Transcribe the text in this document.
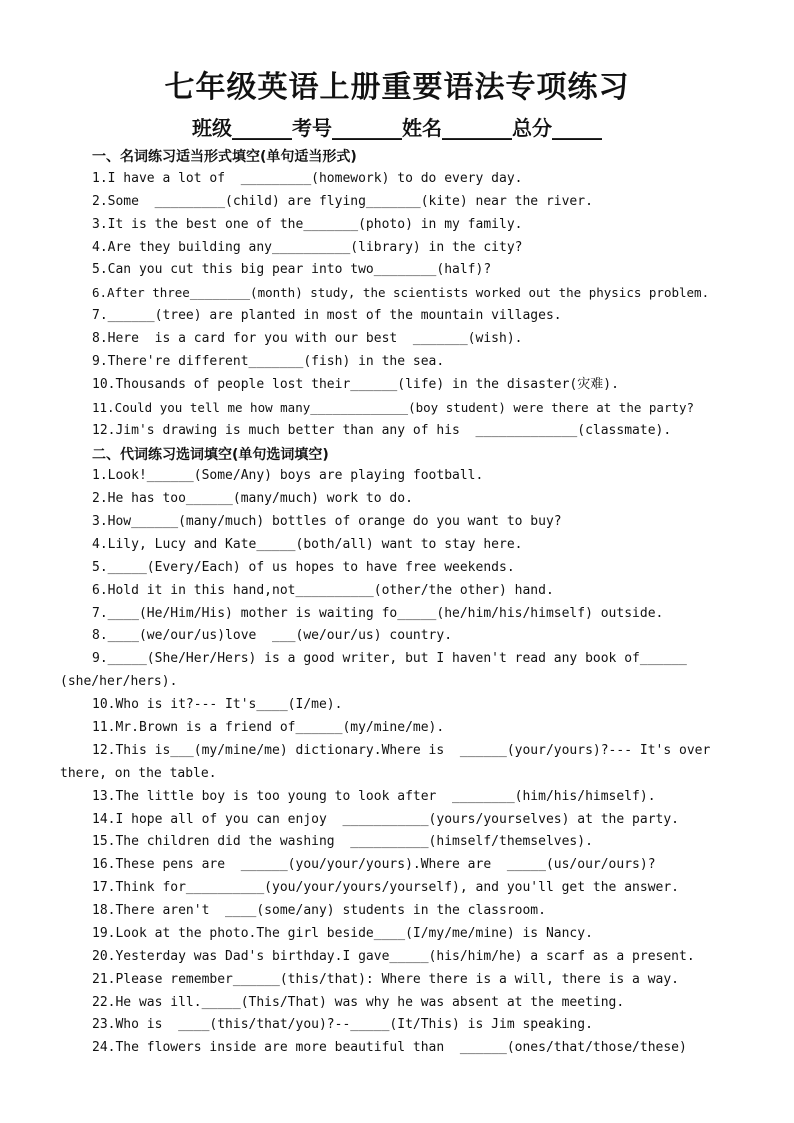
七年级英语上册重要语法专项练习
班级______考号_______姓名_______总分_____
一、名词练习适当形式填空(单句适当形式)
1.I have a lot of  _________(homework) to do every day.
2.Some  _________(child) are flying_______(kite) near the river.
3.It is the best one of the_______(photo) in my family.
4.Are they building any__________(library) in the city?
5.Can you cut this big pear into two________(half)?
6.After three________(month) study, the scientists worked out the physics problem.
7.______(tree) are planted in most of the mountain villages.
8.Here  is a card for you with our best  _______(wish).
9.There're different_______(fish) in the sea.
10.Thousands of people lost their______(life) in the disaster(灾难).
11.Could you tell me how many_____________(boy student) were there at the party?
12.Jim's drawing is much better than any of his  _____________(classmate).
二、代词练习选词填空(单句选词填空)
1.Look!______(Some/Any) boys are playing football.
2.He has too______(many/much) work to do.
3.How______(many/much) bottles of orange do you want to buy?
4.Lily, Lucy and Kate_____(both/all) want to stay here.
5._____(Every/Each) of us hopes to have free weekends.
6.Hold it in this hand,not__________(other/the other) hand.
7.____(He/Him/His) mother is waiting fo_____(he/him/his/himself) outside.
8.____(we/our/us)love  ___(we/our/us) country.
9._____(She/Her/Hers) is a good writer, but I haven't read any book of______
(she/her/hers).
10.Who is it?--- It's____(I/me).
11.Mr.Brown is a friend of______(my/mine/me).
12.This is___(my/mine/me) dictionary.Where is  ______(your/yours)?--- It's over
there, on the table.
13.The little boy is too young to look after  ________(him/his/himself).
14.I hope all of you can enjoy  ___________(yours/yourselves) at the party.
15.The children did the washing  __________(himself/themselves).
16.These pens are  ______(you/your/yours).Where are  _____(us/our/ours)?
17.Think for__________(you/your/yours/yourself), and you'll get the answer.
18.There aren't  ____(some/any) students in the classroom.
19.Look at the photo.The girl beside____(I/my/me/mine) is Nancy.
20.Yesterday was Dad's birthday.I gave_____(his/him/he) a scarf as a present.
21.Please remember______(this/that): Where there is a will, there is a way.
22.He was ill._____(This/That) was why he was absent at the meeting.
23.Who is  ____(this/that/you)?--_____(It/This) is Jim speaking.
24.The flowers inside are more beautiful than  ______(ones/that/those/these)
